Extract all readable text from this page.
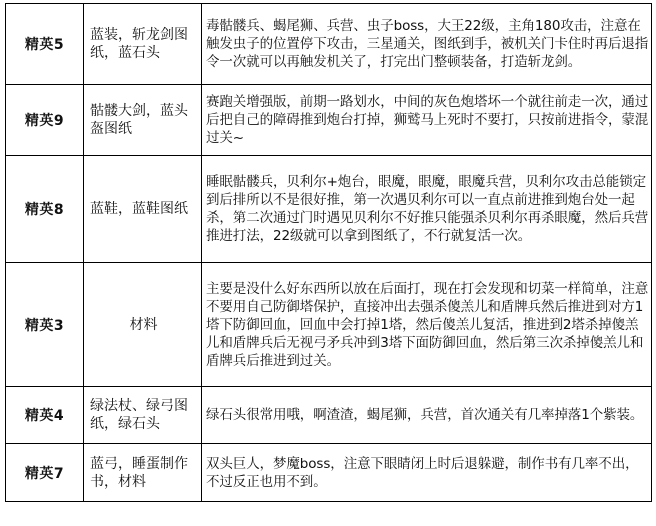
精英5	蓝装，斩龙剑图纸，蓝石头	毒骷髅兵、蝎尾狮、兵营、虫子boss，大王22级，主角180攻击，注意在触发虫子的位置停下攻击，三星通关，图纸到手，被机关门卡住时再后退指令一次就可以再触发机关了，打完出门整顿装备，打造斩龙剑。
精英9	骷髅大剑，蓝头盔图纸	赛跑关增强版，前期一路划水，中间的灰色炮塔坏一个就往前走一次，通过后把自己的障碍推到炮台打掉，狮鹫马上死时不要打，只按前进指令，蒙混过关~
精英8	蓝鞋，蓝鞋图纸	睡眠骷髅兵，贝利尔+炮台，眼魔，眼魔，眼魔兵营，贝利尔攻击总能锁定到后排所以不是很好推，第一次遇贝利尔可以一直点前进推到炮台处一起杀，第二次通过门时遇见贝利尔不好推只能强杀贝利尔再杀眼魔，然后兵营推进打法，22级就可以拿到图纸了，不行就复活一次。
精英3	材料	主要是没什么好东西所以放在后面打，现在打会发现和切菜一样简单，注意不要用自己防御塔保护，直接冲出去强杀傻羔儿和盾牌兵然后推进到对方1塔下防御回血，回血中会打掉1塔，然后傻羔儿复活，推进到2塔杀掉傻羔儿和盾牌兵后无视弓矛兵冲到3塔下面防御回血，然后第三次杀掉傻羔儿和盾牌兵后推进到过关。
精英4	绿法杖、绿弓图纸，绿石头	绿石头很常用哦，啊渣渣，蝎尾狮，兵营，首次通关有几率掉落1个紫装。
精英7	蓝弓，睡蛋制作书，材料	双头巨人，梦魔boss，注意下眼睛闭上时后退躲避，制作书有几率不出，不过反正也用不到。
